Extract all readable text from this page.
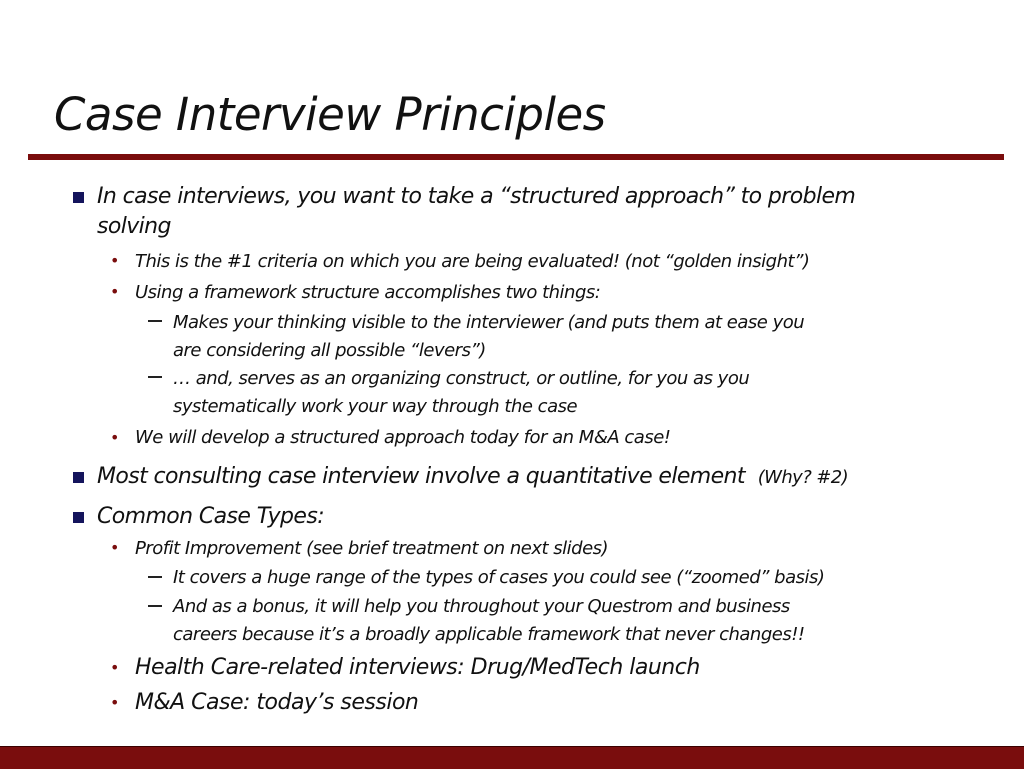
Case Interview Principles
In case interviews, you want to take a “structured approach” to problem
solving
• This is the #1 criteria on which you are being evaluated! (not “golden insight”)
• Using a framework structure accomplishes two things:
Makes your thinking visible to the interviewer (and puts them at ease you
are considering all possible “levers”)
… and, serves as an organizing construct, or outline, for you as you
systematically work your way through the case
• We will develop a structured approach today for an M&A case!
Most consulting case interview involve a quantitative element (Why? #2)
Common Case Types:
• Profit Improvement (see brief treatment on next slides)
It covers a huge range of the types of cases you could see (“zoomed” basis)
And as a bonus, it will help you throughout your Questrom and business
careers because it’s a broadly applicable framework that never changes!!
• Health Care-related interviews: Drug/MedTech launch
• M&A Case: today’s session
